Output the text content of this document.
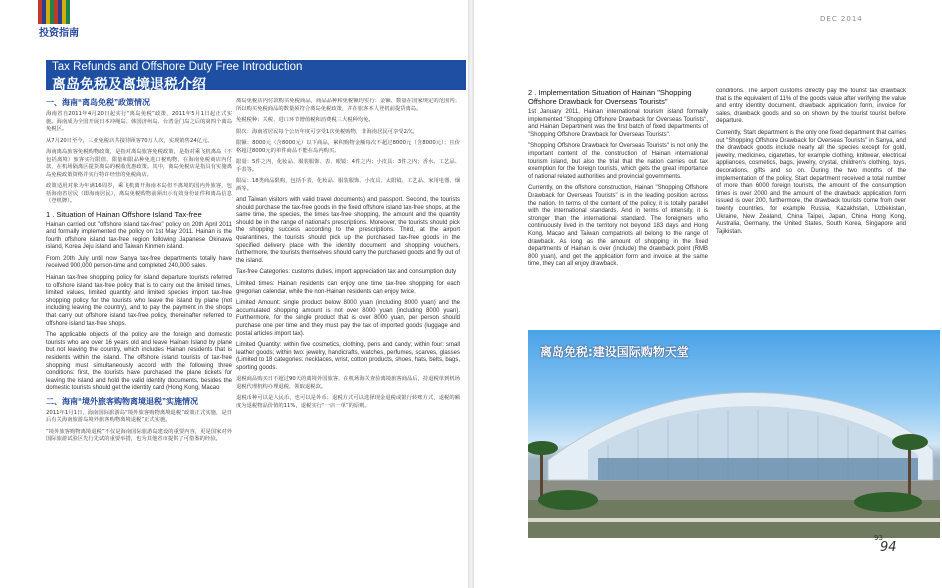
投资指南
DEC 2014
Tax Refunds and Offshore Duty Free Introduction
离岛免税及离境退税介绍
一、海南“离岛免税”政策情况

海南省自2011年4月20日起实行“离岛免税”政策，2011年5月1日起正式实施。海南成为全国开展日本冲绳岛、韩国济州岛、台湾金门岛之后的第四个离岛免税区。

从7月20日至今，三亚免税店共接待顾客70万人次，实现销售24亿元。

海南离岛旅客免税购物政策，是指对离岛旅客免税政策，是指对乘飞机离岛（不包括离境）旅客实行限值、限量和限品种免进口税购物，在海南免税商店内付款，在机场隔离区提货离岛的税收优惠政策。其中，离岛免税店是指具有实施离岛免税政策资格并实行特许经营的免税商店。

政策适用对象为年满16周岁，乘飞机离开海南本岛但不离境的国内外旅客，包括海南省居民（即海南居民），离岛免税购物前须出示有效身份证件和离岛信息（登机牌）。

1 . Situation of Hainan Offshore Island Tax-free

Hainan carried out "offshore island tax-free" policy on 20th April 2011 and formally implemented the policy on 1st May 2011. Hainan is the fourth offshore island tax-free region following Japanese Okinawa island, Korea Jeju island and Taiwan Kinmen island.

From 20th July until now Sanya tax-free departments totally have received 900,000 person-time and completed 240,000 sales.

Hainan tax-free shopping policy for island departure tourists referred to offshore island tax-free policy that is to carry out the limited times, limited values, limited quantity and limited species import tax-free shopping policy for the tourists who leave the island by plane (not including leaving the country), and to pay the payment in the shops that carry out offshore island tax-free policy, thereinafter referred to offshore island tax-free shops.

The applicable objects of the policy are the foreign and domestic tourists who are over 16 years old and leave Hainan Island by plane but not leaving the country, which includes Hainan residents that is residents within the island. The offshore island tourists of tax-free shopping must simultaneously accord with the following three conditions: first, the tourists have purchased the plane tickets for leaving the island and hold the valid identity documents, besides the domestic tourists should get the identity card (Hong Kong, Macao

二、海南“境外旅客购物离境退税”实施情况

2011年1月1日，海南国际旅游岛“境外旅客购物离境退税”政策正式实施，是日后有关海南旅游岛境外旅客购物离境退税”正式实施。

“境外旅客购物离境退税”不仅是海南国际旅游岛建设的重要内容，更是国家对外国际旅游试验区先行先试的重要举措，也为其他省市提供了可借鉴的经验。

离岛免税店内付款购买免税商品，商品品种和免税额均实行：金额、数量在国家规定的范围内；所以购买免税商品的数量须符合离岛免税政策，并在旅客本人登机前提货离岛。

免税税种：关税、进口环节增值税和消费税三大税种均免。

限次：海南省居民每个公历年度可享受1次免税购物，非海南居民可享受2次。

限额：8000元（含8000元）以下商品，累积购物金额每次不超过8000元（含8000元）；且价格超过8000元的单件商品不能在岛内购买。

限量：5件之内，化妆品、服装服饰、表、眼镜：4件之内；小皮具：3件之内；香水、工艺品、手表等。

限品：18类商品限购，包括手表、化妆品、服装服饰、小皮具、太阳镜、工艺品、家用电器、烟酒等。

and Taiwan visitors with valid travel documents) and passport. Second, the tourists should purchase the tax-free goods in the fixed offshore island tax-free shops, at the same time, the species, the times tax-free shopping, the amount and the quantity should be in the range of national's prescriptions. Moreover, the tourists should pick the shopping success according to the prescriptions. Third, at the airport quarantines, the tourists should pick up the purchased tax-free goods in the specified delivery place with the identity document and shopping vouchers, furthermore, the tourists themselves should carry the purchased goods and fly out of the island.

Tax-free Categories: customs duties, import appreciation tax and consumption duty

Limited times: Hainan residents can enjoy one time tax-free shopping for each gregorian calendar, while the non-Hainan residents can enjoy twice.

Limited Amount: single product below 8000 yuan (including 8000 yuan) and the accumulated shopping amount is not over 8000 yuan (including 8000 yuan). Furthermore, for the single product that is over 8000 yuan, per person should purchase one per time and they must pay the tax of imported goods (luggage and postal articles import tax).

Limited Quantity: within five cosmetics, clothing, pens and candy; within four: small leather goods; within two: jewelry, handicrafts, watches, perfumes, scarves, glasses (Limited to 18 categories: necklaces, wrist, cotton products, shoes, hats, belts, bags, sporting goods.

退税商品购买日不超过90天的离境外国旅客，在机场海关查验离境旅客商品后，持退税单到机场退税代理机构办理退税，领取退税款。

退税币种可以是人民币，也可以是外币；退税方式可以选择现金退税或银行转账方式，退税的额度为退税物品价值的11%，退税实行“一店一单”的原则。

2 . Implementation Situation of Hainan "Shopping Offshore Drawback for Overseas Tourists"

1st January 2011, Hainan international tourism island formally implemented "Shopping Offshore Drawback for Overseas Tourists", and Hainan Department was the first batch of fixed departments of "Shopping Offshore Drawback for Overseas Tourists".

"Shopping Offshore Drawback for Overseas Tourists" is not only the important content of the construction of Hainan international tourism island, but also the trial that the nation carries out tax exemption for the foreign tourists, which gets the great importance of national related authorities and provincial governments.

Currently, on the offshore construction, Hainan "Shopping Offshore Drawback for Overseas Tourists" is in the leading position across the nation. In terms of the content of the policy, it is totally parallel with the international standards. And in terms of intensity, it is stronger than the international standard. The foreigners who continuously lived in the territory not beyond 183 days and Hong Kong, Macao and Taiwan compatriots all belong to the range of drawback. As long as the amount of shopping in the fixed departments of Hainan is over (include) the drawback point (RMB 800 yuan), and get the application form and invoice at the same time, they can all enjoy drawback.

conditions. The airport customs directly pay the tourist tax drawback that is the equivalent of 11% of the goods value after verifying the value and entry identity document, drawback application form, invoice for sales, drawback goods and so on shown by the tourist tourist before departure.

Currently, Start department is the only one fixed department that carries out "Shopping Offshore Drawback for Overseas Tourists" in Sanya, and the drawback goods include nearly all the species except for gold, jewelry, medicines, cigarettes, for example clothing, knitwear, electrical appliances, cosmetics, bags, jewelry, crystal, children's clothing, toys, decorations, gifts and so on. During the two months of the implementation of the policy, Start department received a total number of more than 6000 foreign tourists, the amount of the consumption times is over 2000 and the amount of the drawback application form issued is over 200, furthermore, the drawback tourists come from over twenty countries, for example Russia, Kazakhstan, Uzbekistan, Ukraine, New Zealand, China Taipei, Japan, China Hong Kong, Australia, Germany, the United States, South Korea, Singapore and Tajikistan.

离岛免税:建设国际购物天堂
93
94
